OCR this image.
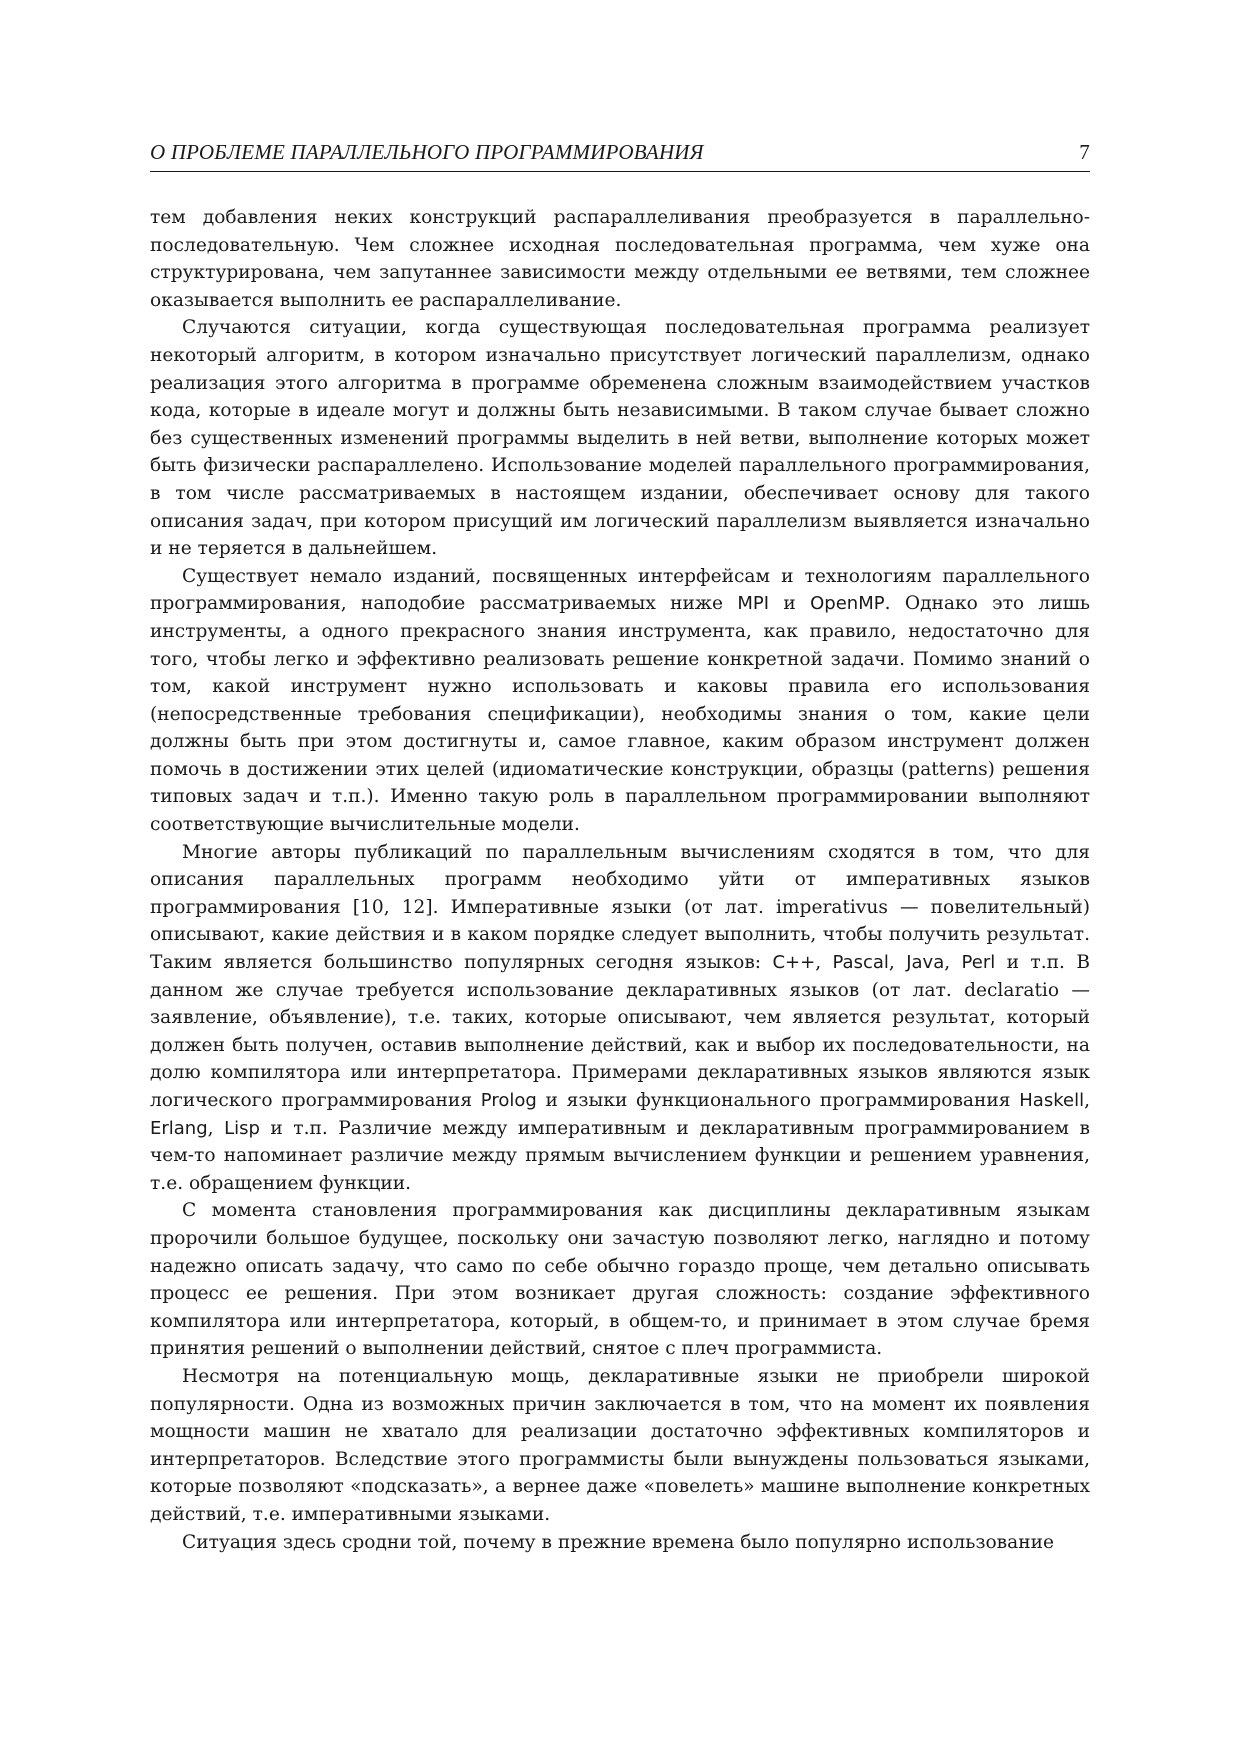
О ПРОБЛЕМЕ ПАРАЛЛЕЛЬНОГО ПРОГРАММИРОВАНИЯ	7

тем добавления неких конструкций распараллеливания преобразуется в параллельно-последовательную. Чем сложнее исходная последовательная программа, чем хуже она структурирована, чем запутаннее зависимости между отдельными ее ветвями, тем сложнее оказывается выполнить ее распараллеливание.

Случаются ситуации, когда существующая последовательная программа реализует некоторый алгоритм, в котором изначально присутствует логический параллелизм, однако реализация этого алгоритма в программе обременена сложным взаимодействием участков кода, которые в идеале могут и должны быть независимыми. В таком случае бывает сложно без существенных изменений программы выделить в ней ветви, выполнение которых может быть физически распараллелено. Использование моделей параллельного программирования, в том числе рассматриваемых в настоящем издании, обеспечивает основу для такого описания задач, при котором присущий им логический параллелизм выявляется изначально и не теряется в дальнейшем.

Существует немало изданий, посвященных интерфейсам и технологиям параллельного программирования, наподобие рассматриваемых ниже MPI и OpenMP. Однако это лишь инструменты, а одного прекрасного знания инструмента, как правило, недостаточно для того, чтобы легко и эффективно реализовать решение конкретной задачи. Помимо знаний о том, какой инструмент нужно использовать и каковы правила его использования (непосредственные требования спецификации), необходимы знания о том, какие цели должны быть при этом достигнуты и, самое главное, каким образом инструмент должен помочь в достижении этих целей (идиоматические конструкции, образцы (patterns) решения типовых задач и т.п.). Именно такую роль в параллельном программировании выполняют соответствующие вычислительные модели.

Многие авторы публикаций по параллельным вычислениям сходятся в том, что для описания параллельных программ необходимо уйти от императивных языков программирования [10, 12]. Императивные языки (от лат. imperativus — повелительный) описывают, какие действия и в каком порядке следует выполнить, чтобы получить результат. Таким является большинство популярных сегодня языков: C++, Pascal, Java, Perl и т.п. В данном же случае требуется использование декларативных языков (от лат. declaratio — заявление, объявление), т.е. таких, которые описывают, чем является результат, который должен быть получен, оставив выполнение действий, как и выбор их последовательности, на долю компилятора или интерпретатора. Примерами декларативных языков являются язык логического программирования Prolog и языки функционального программирования Haskell, Erlang, Lisp и т.п. Различие между императивным и декларативным программированием в чем-то напоминает различие между прямым вычислением функции и решением уравнения, т.е. обращением функции.

С момента становления программирования как дисциплины декларативным языкам пророчили большое будущее, поскольку они зачастую позволяют легко, наглядно и потому надежно описать задачу, что само по себе обычно гораздо проще, чем детально описывать процесс ее решения. При этом возникает другая сложность: создание эффективного компилятора или интерпретатора, который, в общем-то, и принимает в этом случае бремя принятия решений о выполнении действий, снятое с плеч программиста.

Несмотря на потенциальную мощь, декларативные языки не приобрели широкой популярности. Одна из возможных причин заключается в том, что на момент их появления мощности машин не хватало для реализации достаточно эффективных компиляторов и интерпретаторов. Вследствие этого программисты были вынуждены пользоваться языками, которые позволяют «подсказать», а вернее даже «повелеть» машине выполнение конкретных действий, т.е. императивными языками.

Ситуация здесь сродни той, почему в прежние времена было популярно использование
